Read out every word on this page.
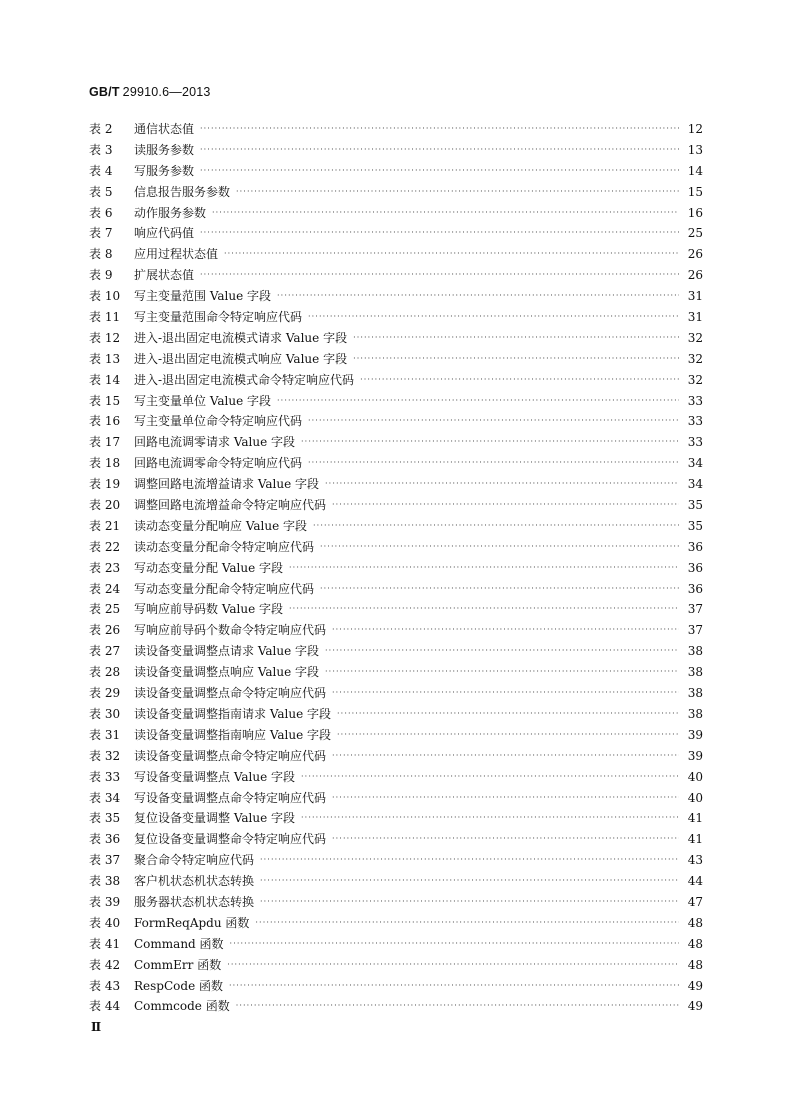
GB/T 29910.6—2013
表 2	通信状态值 ·····	12
表 3	读服务参数 ·····	13
表 4	写服务参数 ·····	14
表 5	信息报告服务参数 ·····	15
表 6	动作服务参数 ·····	16
表 7	响应代码值 ·····	25
表 8	应用过程状态值 ·····	26
表 9	扩展状态值 ·····	26
表 10	写主变量范围 Value 字段 ·····	31
表 11	写主变量范围命令特定响应代码 ·····	31
表 12	进入-退出固定电流模式请求 Value 字段 ·····	32
表 13	进入-退出固定电流模式响应 Value 字段 ·····	32
表 14	进入-退出固定电流模式命令特定响应代码 ·····	32
表 15	写主变量单位 Value 字段 ·····	33
表 16	写主变量单位命令特定响应代码 ·····	33
表 17	回路电流调零请求 Value 字段 ·····	33
表 18	回路电流调零命令特定响应代码 ·····	34
表 19	调整回路电流增益请求 Value 字段 ·····	34
表 20	调整回路电流增益命令特定响应代码 ·····	35
表 21	读动态变量分配响应 Value 字段 ·····	35
表 22	读动态变量分配命令特定响应代码 ·····	36
表 23	写动态变量分配 Value 字段 ·····	36
表 24	写动态变量分配命令特定响应代码 ·····	36
表 25	写响应前导码数 Value 字段 ·····	37
表 26	写响应前导码个数命令特定响应代码 ·····	37
表 27	读设备变量调整点请求 Value 字段 ·····	38
表 28	读设备变量调整点响应 Value 字段 ·····	38
表 29	读设备变量调整点命令特定响应代码 ·····	38
表 30	读设备变量调整指南请求 Value 字段 ·····	38
表 31	读设备变量调整指南响应 Value 字段 ·····	39
表 32	读设备变量调整点命令特定响应代码 ·····	39
表 33	写设备变量调整点 Value 字段 ·····	40
表 34	写设备变量调整点命令特定响应代码 ·····	40
表 35	复位设备变量调整 Value 字段 ·····	41
表 36	复位设备变量调整命令特定响应代码 ·····	41
表 37	聚合命令特定响应代码 ·····	43
表 38	客户机状态机状态转换 ·····	44
表 39	服务器状态机状态转换 ·····	47
表 40	FormReqApdu 函数 ·····	48
表 41	Command 函数 ·····	48
表 42	CommErr 函数 ·····	48
表 43	RespCode 函数 ·····	49
表 44	Commcode 函数 ·····	49
Ⅱ
